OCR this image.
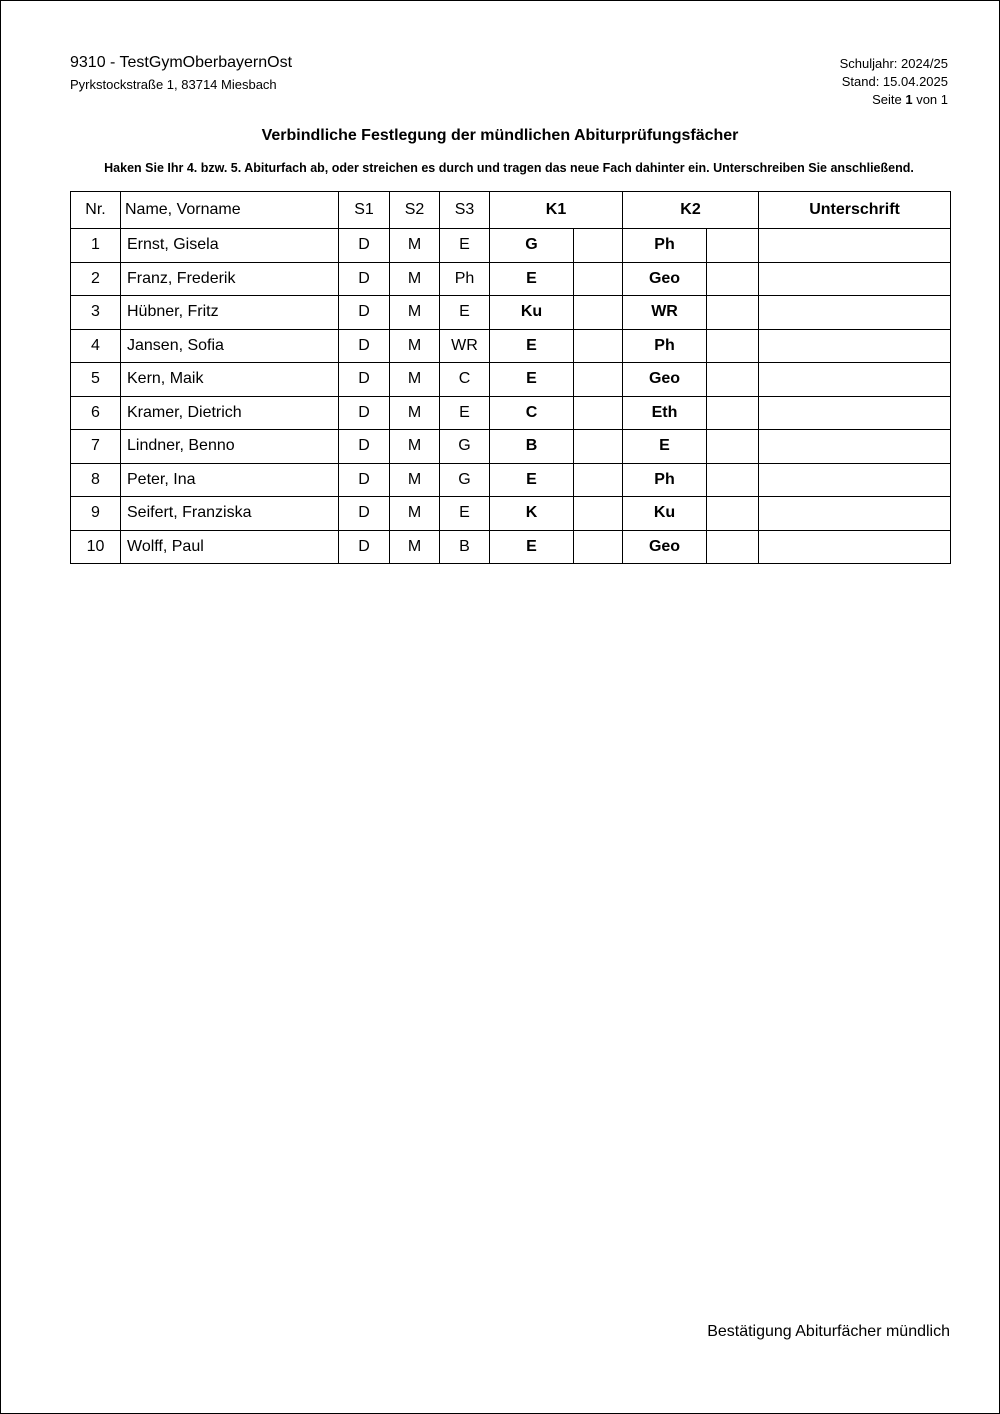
9310 - TestGymOberbayernOst
Pyrkstockstraße 1, 83714 Miesbach
Schuljahr: 2024/25
Stand: 15.04.2025
Seite 1 von 1
Verbindliche Festlegung der mündlichen Abiturprüfungsfächer
Haken Sie Ihr 4. bzw. 5. Abiturfach ab, oder streichen es durch und tragen das neue Fach dahinter ein. Unterschreiben Sie anschließend.
Nr.	Name, Vorname	S1	S2	S3	K1		K2		Unterschrift
1	Ernst, Gisela	D	M	E	G		Ph		
2	Franz, Frederik	D	M	Ph	E		Geo		
3	Hübner, Fritz	D	M	E	Ku		WR		
4	Jansen, Sofia	D	M	WR	E		Ph		
5	Kern, Maik	D	M	C	E		Geo		
6	Kramer, Dietrich	D	M	E	C		Eth		
7	Lindner, Benno	D	M	G	B		E		
8	Peter, Ina	D	M	G	E		Ph		
9	Seifert, Franziska	D	M	E	K		Ku		
10	Wolff, Paul	D	M	B	E		Geo		
Bestätigung Abiturfächer mündlich
